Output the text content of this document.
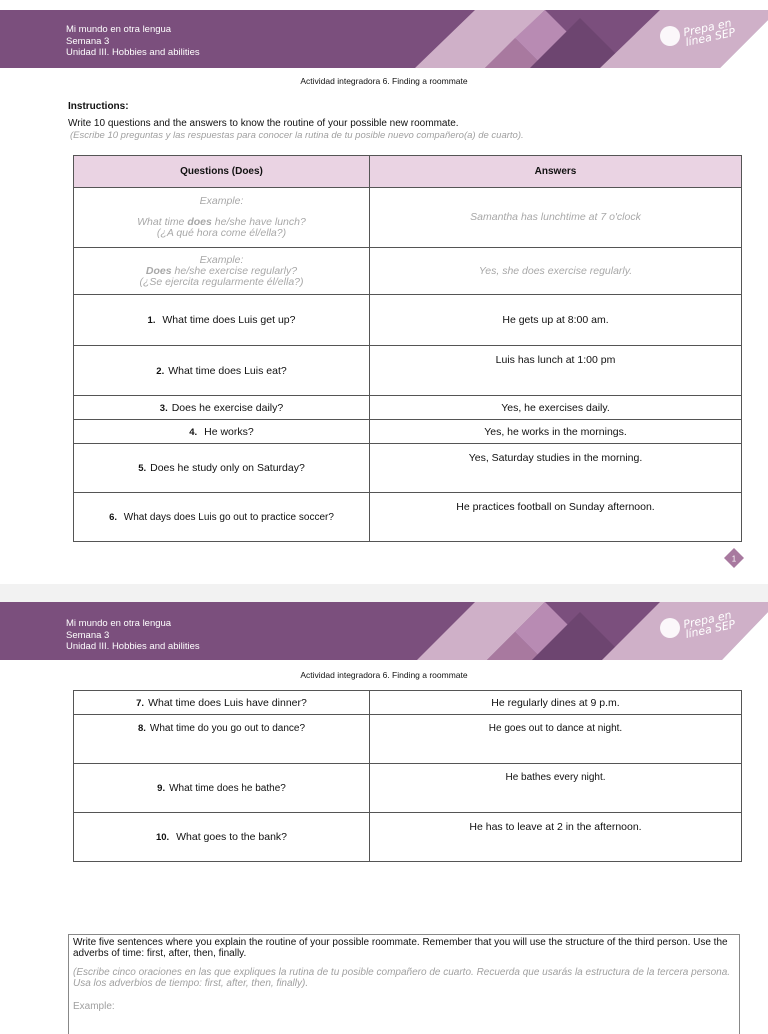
Mi mundo en otra lengua
Semana 3
Unidad III. Hobbies and abilities
Prepa en línea SEP
Actividad integradora 6. Finding a roommate
Instructions:
Write 10 questions and the answers to know the routine of your possible new roommate.
(Escribe 10 preguntas y las respuestas para conocer la rutina de tu posible nuevo compañero(a) de cuarto).
Questions (Does)	Answers

Example:
What time does he/she have lunch?
(¿A qué hora come él/ella?)	Samantha has lunchtime at 7 o'clock

Example:
Does he/she exercise regularly?
(¿Se ejercita regularmente él/ella?)	Yes, she does exercise regularly.
1. What time does Luis get up?	He gets up at 8:00 am.
2. What time does Luis eat?	Luis has lunch at 1:00 pm
3. Does he exercise daily?	Yes, he exercises daily.
4. He works?	Yes, he works in the mornings.
5. Does he study only on Saturday?	Yes, Saturday studies in the morning.
6. What days does Luis go out to practice soccer?	He practices football on Sunday afternoon.
1
Mi mundo en otra lengua
Semana 3
Unidad III. Hobbies and abilities
Prepa en línea SEP
Actividad integradora 6. Finding a roommate
7. What time does Luis have dinner?	He regularly dines at 9 p.m.
8. What time do you go out to dance?	He goes out to dance at night.
9. What time does he bathe?	He bathes every night.
10. What goes to the bank?	He has to leave at 2 in the afternoon.
Write five sentences where you explain the routine of your possible roommate. Remember that you will use the structure of the third person. Use the adverbs of time: first, after, then, finally.
(Escribe cinco oraciones en las que expliques la rutina de tu posible compañero de cuarto. Recuerda que usarás la estructura de la tercera persona. Usa los adverbios de tiempo: first, after, then, finally).
Example:
